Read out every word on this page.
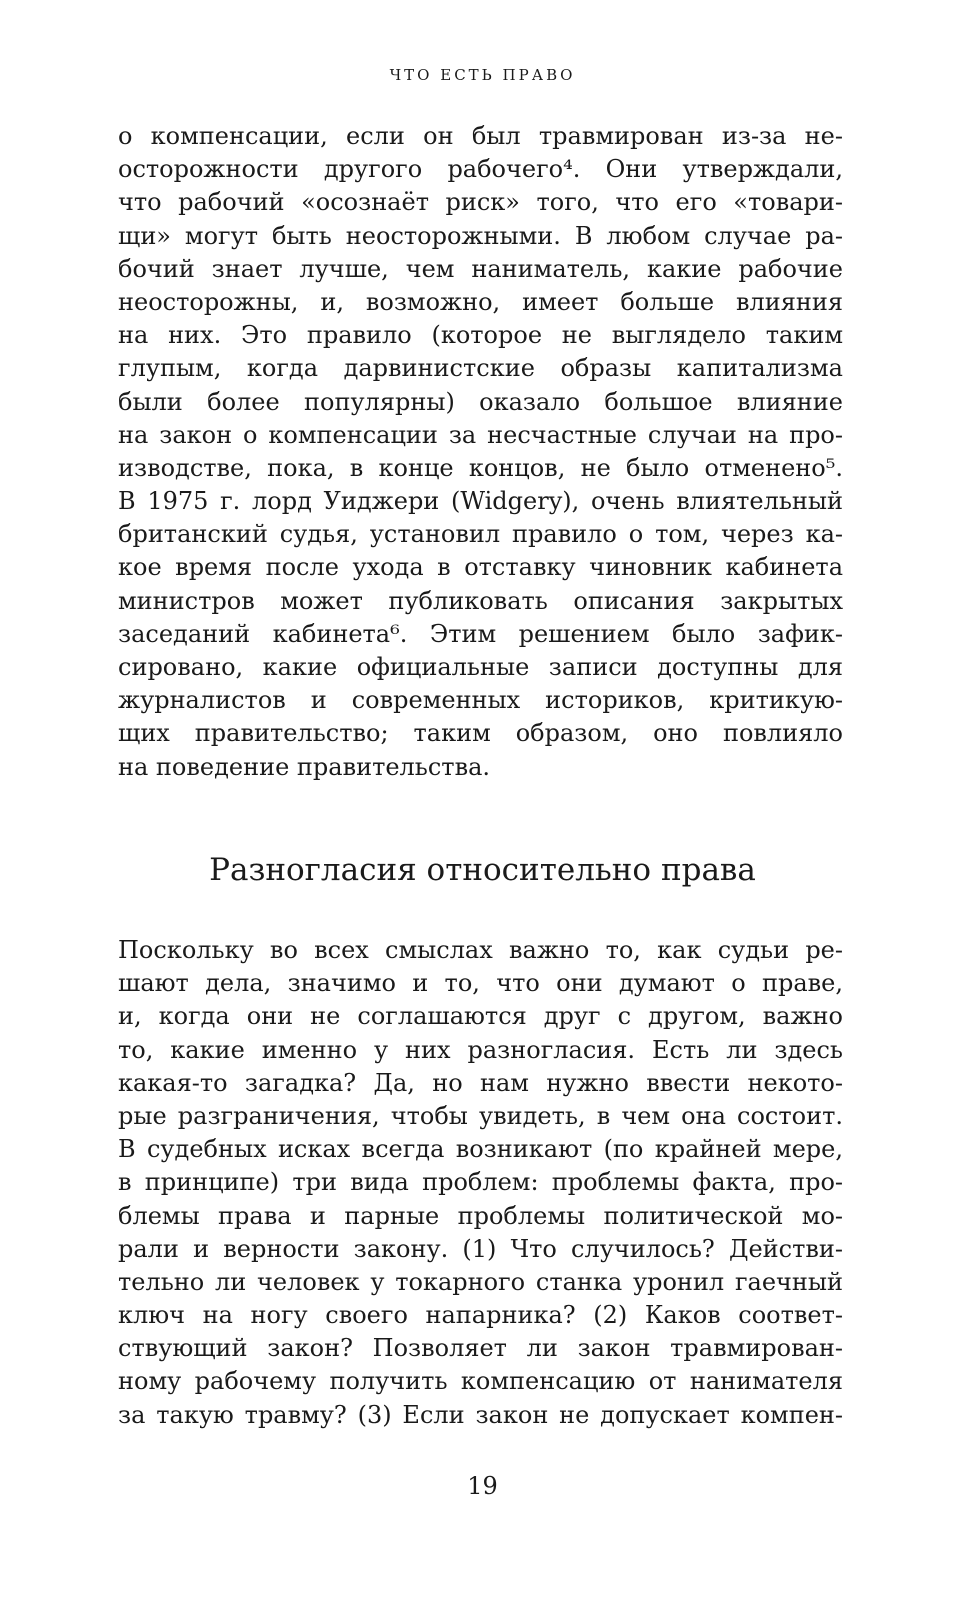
ЧТО ЕСТЬ ПРАВО
о компенсации, если он был травмирован из-за не-
осторожности другого рабочего⁴. Они утверждали,
что рабочий «осознаёт риск» того, что его «товари-
щи» могут быть неосторожными. В любом случае ра-
бочий знает лучше, чем наниматель, какие рабочие
неосторожны, и, возможно, имеет больше влияния
на них. Это правило (которое не выглядело таким
глупым, когда дарвинистские образы капитализма
были более популярны) оказало большое влияние
на закон о компенсации за несчастные случаи на про-
изводстве, пока, в конце концов, не было отменено⁵.
В 1975 г. лорд Уиджери (Widgery), очень влиятельный
британский судья, установил правило о том, через ка-
кое время после ухода в отставку чиновник кабинета
министров может публиковать описания закрытых
заседаний кабинета⁶. Этим решением было зафик-
сировано, какие официальные записи доступны для
журналистов и современных историков, критикую-
щих правительство; таким образом, оно повлияло
на поведение правительства.
Разногласия относительно права
Поскольку во всех смыслах важно то, как судьи ре-
шают дела, значимо и то, что они думают о праве,
и, когда они не соглашаются друг с другом, важно
то, какие именно у них разногласия. Есть ли здесь
какая-то загадка? Да, но нам нужно ввести некото-
рые разграничения, чтобы увидеть, в чем она состоит.
В судебных исках всегда возникают (по крайней мере,
в принципе) три вида проблем: проблемы факта, про-
блемы права и парные проблемы политической мо-
рали и верности закону. (1) Что случилось? Действи-
тельно ли человек у токарного станка уронил гаечный
ключ на ногу своего напарника? (2) Каков соответ-
ствующий закон? Позволяет ли закон травмирован-
ному рабочему получить компенсацию от нанимателя
за такую травму? (3) Если закон не допускает компен-
19
